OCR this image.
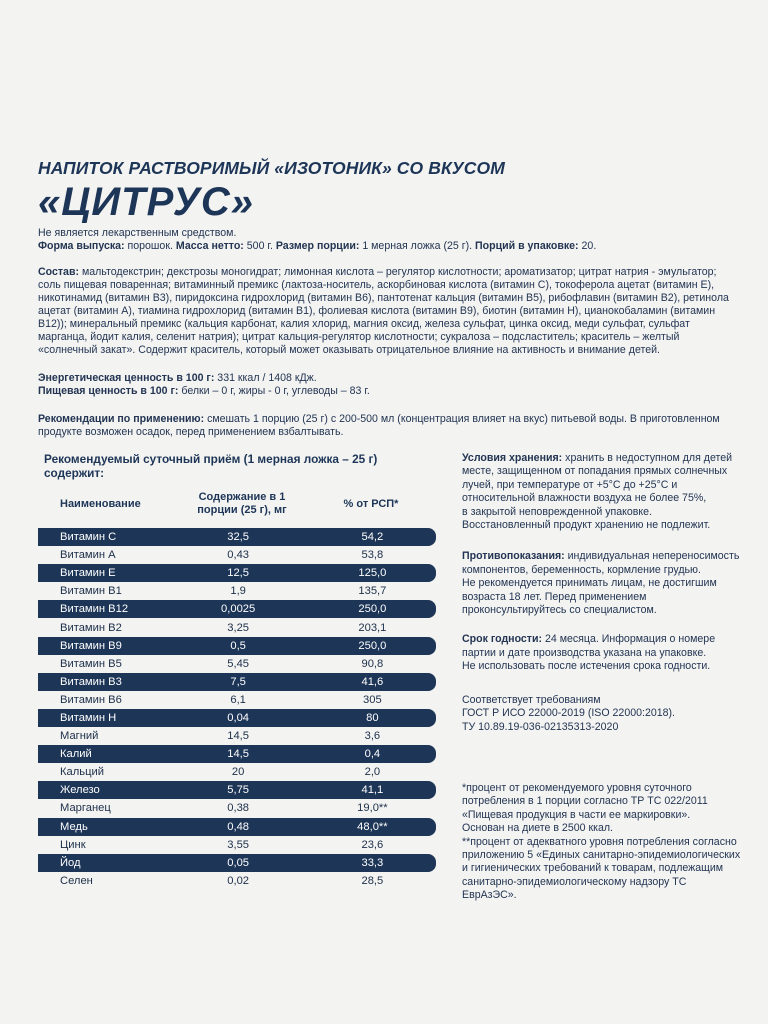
НАПИТОК РАСТВОРИМЫЙ «ИЗОТОНИК» СО ВКУСОМ

«ЦИТРУС»

Не является лекарственным средством.

Форма выпуска: порошок. Масса нетто: 500 г. Размер порции: 1 мерная ложка (25 г). Порций в упаковке: 20.

Состав: мальтодекстрин; декстрозы моногидрат; лимонная кислота – регулятор кислотности; ароматизатор; цитрат натрия - эмульгатор; соль пищевая поваренная; витаминный премикс (лактоза-носитель, аскорбиновая кислота (витамин С), токоферола ацетат (витамин Е), никотинамид (витамин В3), пиридоксина гидрохлорид (витамин В6), пантотенат кальция (витамин В5), рибофлавин (витамин В2), ретинола ацетат (витамин А), тиамина гидрохлорид (витамин В1), фолиевая кислота (витамин В9), биотин (витамин Н), цианокобаламин (витамин В12)); минеральный премикс (кальция карбонат, калия хлорид, магния оксид, железа сульфат, цинка оксид, меди сульфат, сульфат марганца, йодит калия, селенит натрия); цитрат кальция-регулятор кислотности; сукралоза – подсластитель; краситель – желтый «солнечный закат». Содержит краситель, который может оказывать отрицательное влияние на активность и внимание детей.

Энергетическая ценность в 100 г: 331 ккал / 1408 кДж.

Пищевая ценность в 100 г: белки – 0 г, жиры - 0 г, углеводы – 83 г.

Рекомендации по применению: смешать 1 порцию (25 г) с 200-500 мл (концентрация влияет на вкус) питьевой воды. В приготовленном продукте возможен осадок, перед применением взбалтывать.

Рекомендуемый суточный приём (1 мерная ложка – 25 г) содержит:
Наименование
Содержание в 1
порции (25 г), мг	% от РСП*
Витамин С	32,5	54,2
Витамин А	0,43	53,8
Витамин Е	12,5	125,0
Витамин В1	1,9	135,7
Витамин В12	0,0025	250,0
Витамин В2	3,25	203,1
Витамин В9	0,5	250,0
Витамин В5	5,45	90,8
Витамин В3	7,5	41,6
Витамин В6	6,1	305
Витамин Н	0,04	80
Магний	14,5	3,6
Калий	14,5	0,4
Кальций	20	2,0
Железо	5,75	41,1
Марганец	0,38	19,0**
Медь	0,48	48,0**
Цинк	3,55	23,6
Йод	0,05	33,3
Селен	0,02	28,5

Условия хранения: хранить в недоступном для детей
месте, защищенном от попадания прямых солнечных
лучей, при температуре от +5°С до +25°С и
относительной влажности воздуха не более 75%,
в закрытой неповрежденной упаковке.
Восстановленный продукт хранению не подлежит.

Противопоказания: индивидуальная непереносимость
компонентов, беременность, кормление грудью.
Не рекомендуется принимать лицам, не достигшим
возраста 18 лет. Перед применением
проконсультируйтесь со специалистом.

Срок годности: 24 месяца. Информация о номере
партии и дате производства указана на упаковке.
Не использовать после истечения срока годности.

Соответствует требованиям
ГОСТ Р ИСО 22000-2019 (ISO 22000:2018).
ТУ 10.89.19-036-02135313-2020

*процент от рекомендуемого уровня суточного
потребления в 1 порции согласно ТР ТС 022/2011
«Пищевая продукция в части ее маркировки».
Основан на диете в 2500 ккал.
**процент от адекватного уровня потребления согласно
приложению 5 «Единых санитарно-эпидемиологических
и гигиенических требований к товарам, подлежащим
санитарно-эпидемиологическому надзору ТС ЕврАзЭС».
